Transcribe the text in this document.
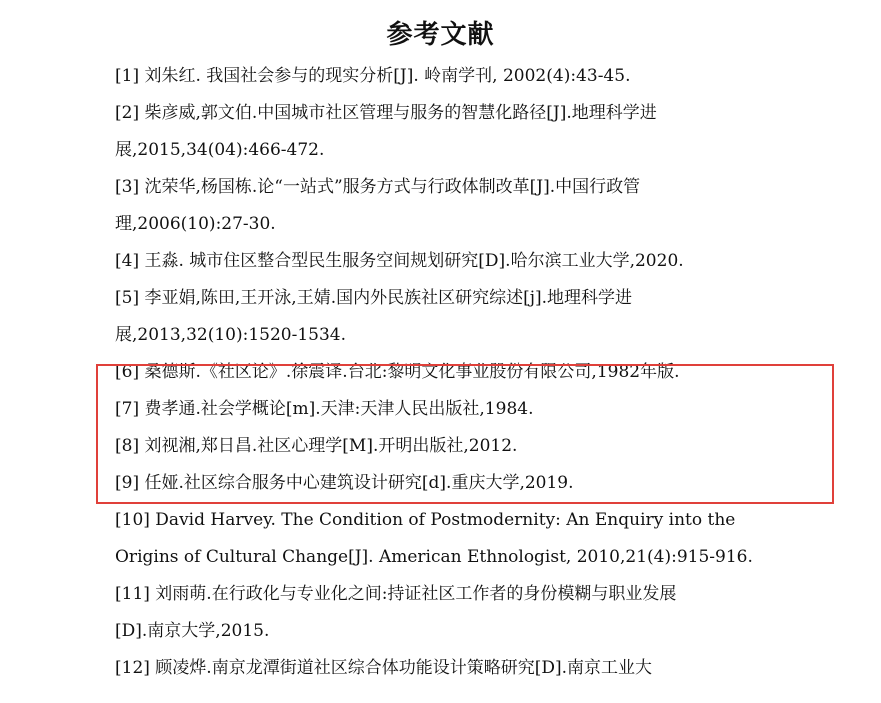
参考文献
[1] 刘朱红. 我国社会参与的现实分析[J]. 岭南学刊, 2002(4):43-45.
[2] 柴彦威,郭文伯.中国城市社区管理与服务的智慧化路径[J].地理科学进
展,2015,34(04):466-472.
[3] 沈荣华,杨国栋.论“一站式”服务方式与行政体制改革[J].中国行政管
理,2006(10):27-30.
[4] 王淼. 城市住区整合型民生服务空间规划研究[D].哈尔滨工业大学,2020.
[5] 李亚娟,陈田,王开泳,王婧.国内外民族社区研究综述[j].地理科学进
展,2013,32(10):1520-1534.
[6] 桑德斯.《社区论》.徐震译.台北:黎明文化事业股份有限公司,1982年版.
[7] 费孝通.社会学概论[m].天津:天津人民出版社,1984.
[8] 刘视湘,郑日昌.社区心理学[M].开明出版社,2012.
[9] 任娅.社区综合服务中心建筑设计研究[d].重庆大学,2019.
[10] David Harvey. The Condition of Postmodernity: An Enquiry into the
Origins of Cultural Change[J]. American Ethnologist, 2010,21(4):915-916.
[11] 刘雨萌.在行政化与专业化之间:持证社区工作者的身份模糊与职业发展
[D].南京大学,2015.
[12] 顾凌烨.南京龙潭街道社区综合体功能设计策略研究[D].南京工业大
